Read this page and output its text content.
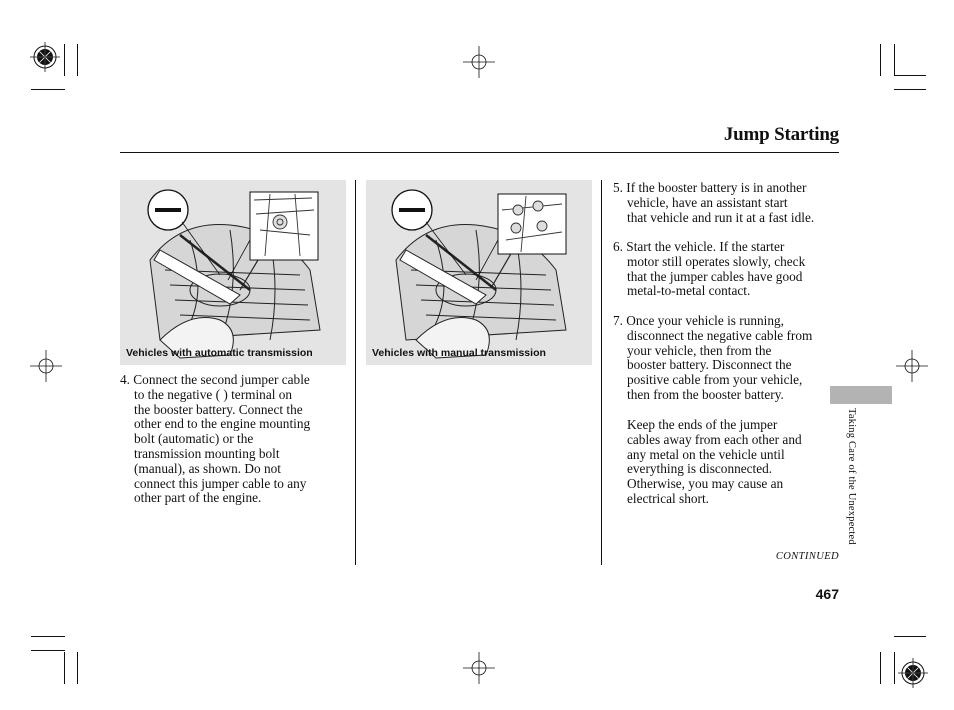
Jump Starting
Vehicles with automatic transmission	Vehicles with manual transmission
4. Connect the second jumper cable
to the negative ( ) terminal on
the booster battery. Connect the
other end to the engine mounting
bolt (automatic) or the
transmission mounting bolt
(manual), as shown. Do not
connect this jumper cable to any
other part of the engine.
5. If the booster battery is in another
vehicle, have an assistant start
that vehicle and run it at a fast idle.
6. Start the vehicle. If the starter
motor still operates slowly, check
that the jumper cables have good
metal-to-metal contact.
7. Once your vehicle is running,
disconnect the negative cable from
your vehicle, then from the
booster battery. Disconnect the
positive cable from your vehicle,
then from the booster battery.
Keep the ends of the jumper
cables away from each other and
any metal on the vehicle until
everything is disconnected.
Otherwise, you may cause an
electrical short.	Taking Care of the Unexpected
CONTINUED
467
